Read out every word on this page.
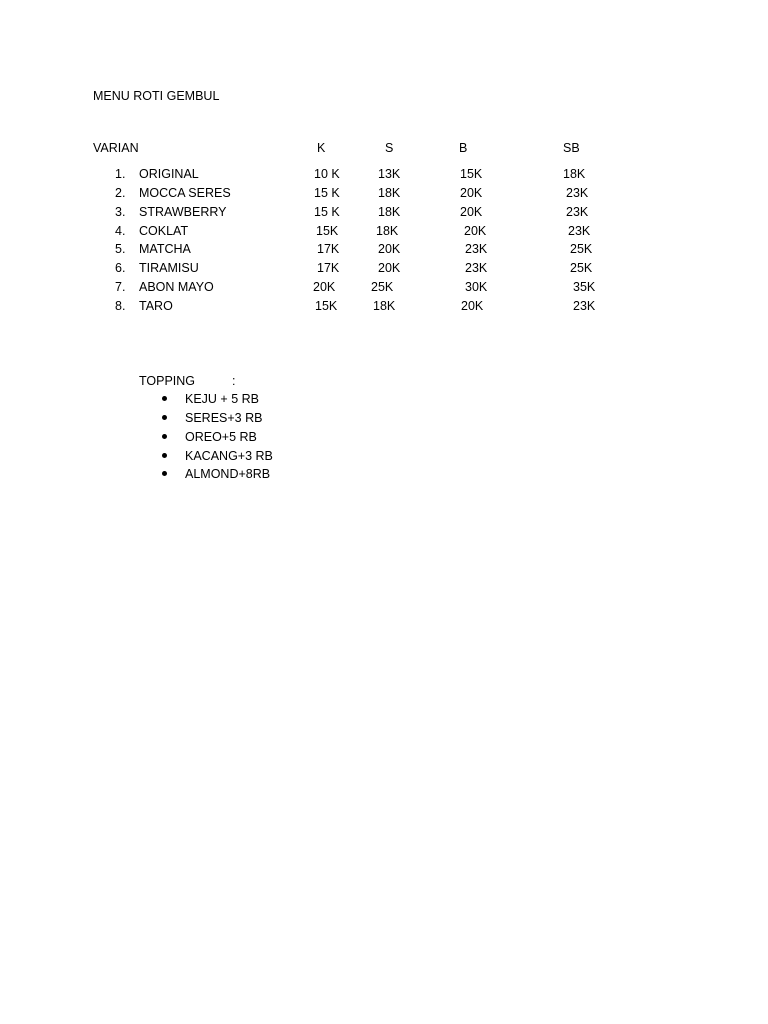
MENU ROTI GEMBUL
VARIAN	K	S	B	SB
1. ORIGINAL	10 K	13K	15K	18K
2. MOCCA SERES	15 K	18K	20K	23K
3. STRAWBERRY	15 K	18K	20K	23K
4. COKLAT	15K	18K	20K	23K
5. MATCHA	17K	20K	23K	25K
6. TIRAMISU	17K	20K	23K	25K
7. ABON MAYO	20K	25K	30K	35K
8. TARO	15K	18K	20K	23K
TOPPING	:
KEJU + 5 RB
SERES+3 RB
OREO+5 RB
KACANG+3 RB
ALMOND+8RB
